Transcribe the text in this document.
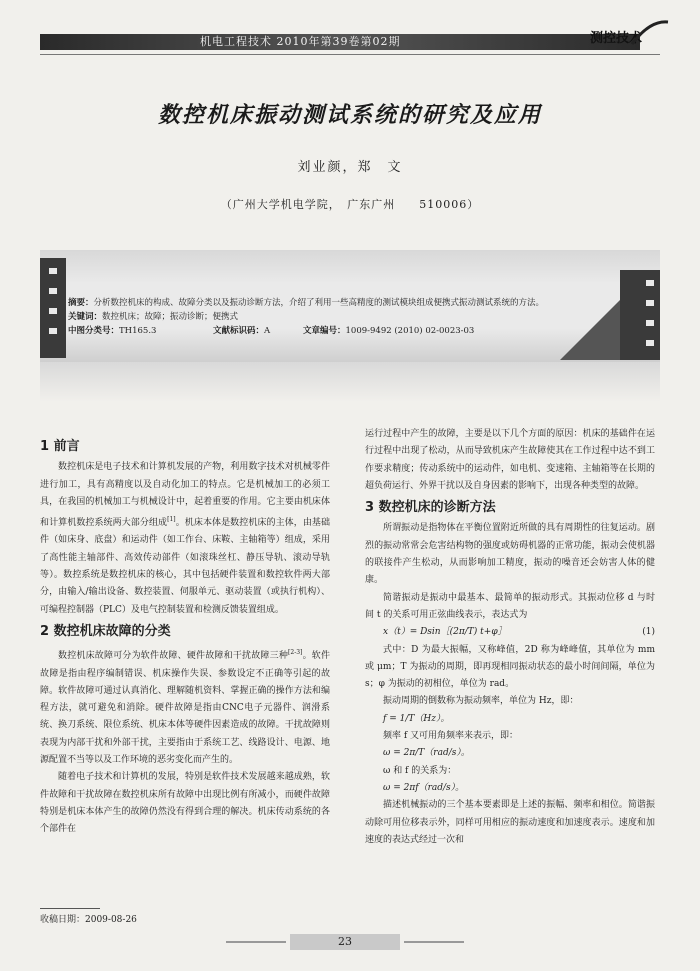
机电工程技术 2010年第39卷第02期	测控技术
数控机床振动测试系统的研究及应用
刘业颜，郑　文
（广州大学机电学院，　广东广州　　510006）
摘要：分析数控机床的构成、故障分类以及振动诊断方法，介绍了利用一些高精度的测试模块组成便携式振动测试系统的方法。
关键词：数控机床；故障；振动诊断；便携式
中图分类号：TH165.3	文献标识码：A	文章编号：1009-9492 (2010) 02-0023-03
1 前言

数控机床是电子技术和计算机发展的产物，利用数字技术对机械零件进行加工，具有高精度以及自动化加工的特点。它是机械加工的必须工具，在我国的机械加工与机械设计中，起着重要的作用。它主要由机床体和计算机数控系统两大部分组成[1]。机床本体是数控机床的主体，由基础件（如床身、底盘）和运动件（如工作台、床鞍、主轴箱等）组成，采用了高性能主轴部件、高效传动部件（如滚珠丝杠、静压导轨、滚动导轨等）。数控系统是数控机床的核心，其中包括硬件装置和数控软件两大部分，由输入/输出设备、数控装置、伺服单元、驱动装置（或执行机构）、可编程控制器（PLC）及电气控制装置和检测反馈装置组成。

2 数控机床故障的分类

数控机床故障可分为软件故障、硬件故障和干扰故障三种[2-3]。软件故障是指由程序编制错误、机床操作失误、参数设定不正确等引起的故障。软件故障可通过认真消化、理解随机资料、掌握正确的操作方法和编程方法，就可避免和消除。硬件故障是指由CNC电子元器件、润滑系统、换刀系统、限位系统、机床本体等硬件因素造成的故障。干扰故障则表现为内部干扰和外部干扰，主要指由于系统工艺、线路设计、电源、地源配置不当等以及工作环境的恶劣变化而产生的。

随着电子技术和计算机的发展，特别是软件技术发展越来越成熟，软件故障和干扰故障在数控机床所有故障中出现比例有所减小，而硬件故障特别是机床本体产生的故障仍然没有得到合理的解决。机床传动系统的各个部件在

运行过程中产生的故障，主要是以下几个方面的原因：机床的基础件在运行过程中出现了松动，从而导致机床产生故障使其在工作过程中达不到工作要求精度；传动系统中的运动件，如电机、变速箱、主轴箱等在长期的超负荷运行、外界干扰以及自身因素的影响下，出现各种类型的故障。

3 数控机床的诊断方法

所谓振动是指物体在平衡位置附近所做的具有周期性的往复运动。剧烈的振动常常会危害结构物的强度或妨碍机器的正常功能，振动会使机器的联接件产生松动，从而影响加工精度，振动的噪音还会妨害人体的健康。

简谐振动是振动中最基本、最简单的振动形式。其振动位移 d 与时间 t 的关系可用正弦曲线表示，表达式为

x（t）= Dsin［(2π/T) t+φ］	(1)

式中：D 为最大振幅，又称峰值，2D 称为峰峰值，其单位为 mm 或 μm；T 为振动的周期，即再现相同振动状态的最小时间间隔，单位为 s；φ 为振动的初相位，单位为 rad。

振动周期的倒数称为振动频率，单位为 Hz，即：

f = 1/T（Hz）。

频率 f 又可用角频率来表示，即：

ω = 2π/T（rad/s）。

ω 和 f 的关系为：

ω = 2πf（rad/s）。

描述机械振动的三个基本要素即是上述的振幅、频率和相位。简谐振动除可用位移表示外，同样可用相应的振动速度和加速度表示。速度和加速度的表达式经过一次和

收稿日期：2009-08-26
23
